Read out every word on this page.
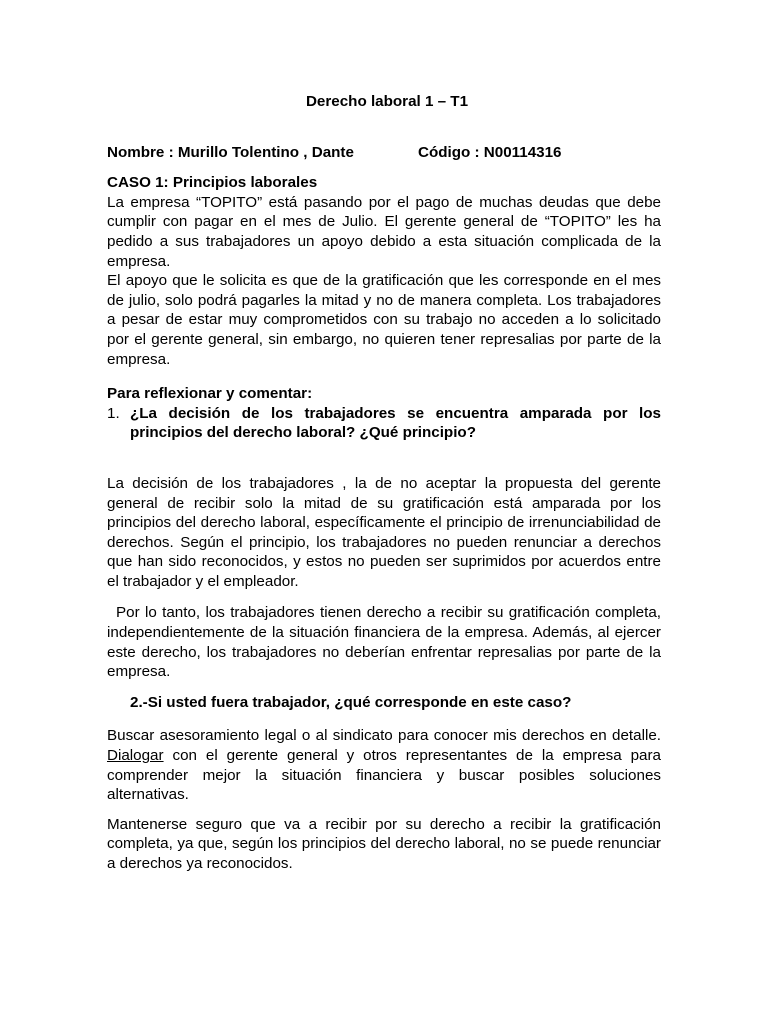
Derecho laboral 1 – T1
Nombre : Murillo Tolentino , Dante	Código : N00114316
CASO 1: Principios laborales

La empresa “TOPITO” está pasando por el pago de muchas deudas que debe cumplir con pagar en el mes de Julio. El gerente general de “TOPITO” les ha pedido a sus trabajadores un apoyo debido a esta situación complicada de la empresa.

El apoyo que le solicita es que de la gratificación que les corresponde en el mes de julio, solo podrá pagarles la mitad y no de manera completa. Los trabajadores a pesar de estar muy comprometidos con su trabajo no acceden a lo solicitado por el gerente general, sin embargo, no quieren tener represalias por parte de la empresa.

Para reflexionar y comentar:
1. ¿La decisión de los trabajadores se encuentra amparada por los principios del derecho laboral? ¿Qué principio?

La decisión de los trabajadores , la de no aceptar la propuesta del gerente general de recibir solo la mitad de su gratificación está amparada por los principios del derecho laboral, específicamente el principio de irrenunciabilidad de derechos. Según el principio, los trabajadores no pueden renunciar a derechos que han sido reconocidos, y estos no pueden ser suprimidos por acuerdos entre el trabajador y el empleador.

Por lo tanto, los trabajadores tienen derecho a recibir su gratificación completa, independientemente de la situación financiera de la empresa. Además, al ejercer este derecho, los trabajadores no deberían enfrentar represalias por parte de la empresa.

2.-Si usted fuera trabajador, ¿qué corresponde en este caso?

Buscar asesoramiento legal o al sindicato para conocer mis derechos en detalle. Dialogar con el gerente general y otros representantes de la empresa para comprender mejor la situación financiera y buscar posibles soluciones alternativas.

Mantenerse seguro que va a recibir por su derecho a recibir la gratificación completa, ya que, según los principios del derecho laboral, no se puede renunciar a derechos ya reconocidos.
